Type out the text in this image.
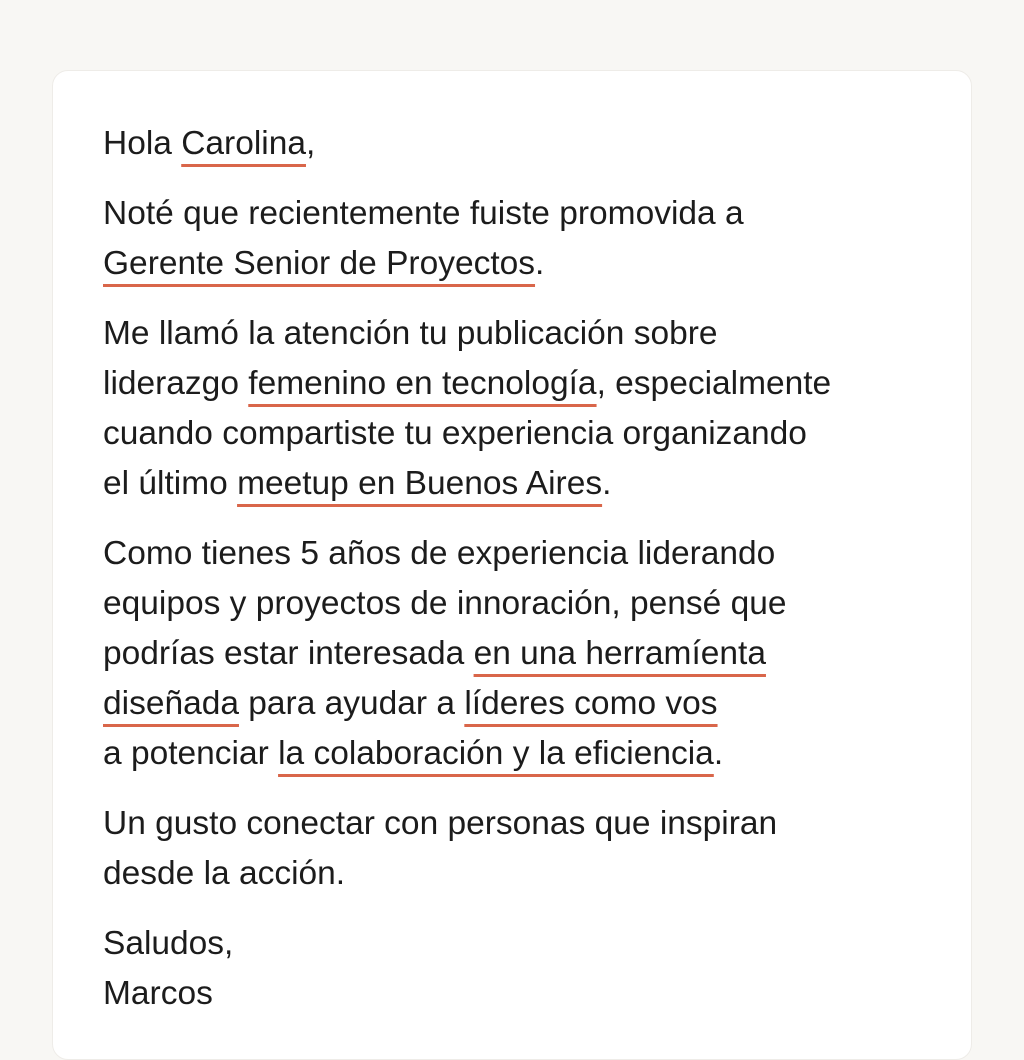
Hola Carolina,

Noté que recientemente fuiste promovida a
Gerente Senior de Proyectos.

Me llamó la atención tu publicación sobre
liderazgo femenino en tecnología, especialmente
cuando compartiste tu experiencia organizando
el último meetup en Buenos Aires.

Como tienes 5 años de experiencia liderando
equipos y proyectos de innoración, pensé que
podrías estar interesada en una herramíenta
diseñada para ayudar a líderes como vos
a potenciar la colaboración y la eficiencia.

Un gusto conectar con personas que inspiran
desde la acción.

Saludos,
Marcos
